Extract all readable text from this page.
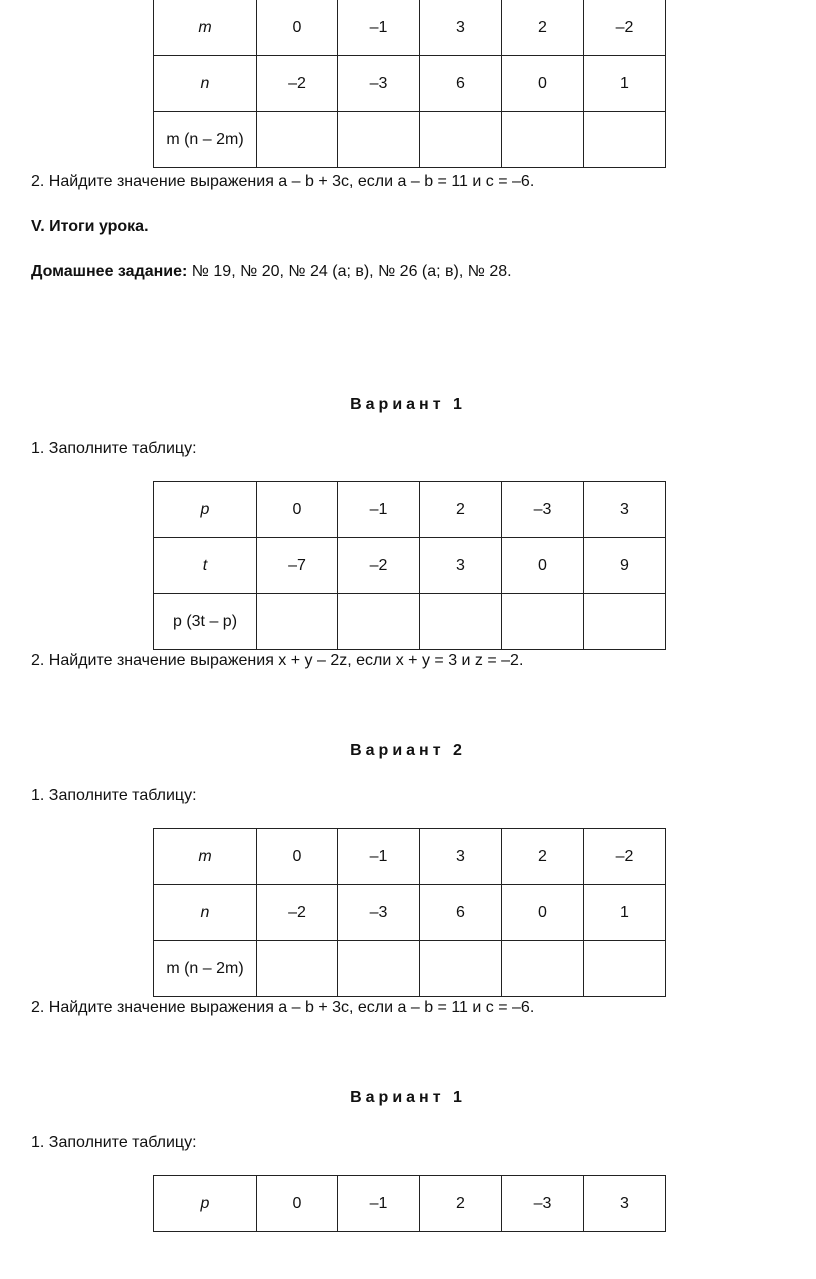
m	0	–1	3	2	–2
n	–2	–3	6	0	1
m (n – 2m)					
2. Найдите значение выражения a – b + 3c, если a – b = 11 и c = –6.
V. Итоги урока.
Домашнее задание: № 19, № 20, № 24 (а; в), № 26 (а; в), № 28.
Вариант 1
1. Заполните таблицу:
p	0	–1	2	–3	3
t	–7	–2	3	0	9
p (3t – p)					
2. Найдите значение выражения x + y – 2z, если x + y = 3 и z = –2.
Вариант 2
1. Заполните таблицу:
m	0	–1	3	2	–2
n	–2	–3	6	0	1
m (n – 2m)					
2. Найдите значение выражения a – b + 3c, если a – b = 11 и c = –6.
Вариант 1
1. Заполните таблицу:
p	0	–1	2	–3	3
